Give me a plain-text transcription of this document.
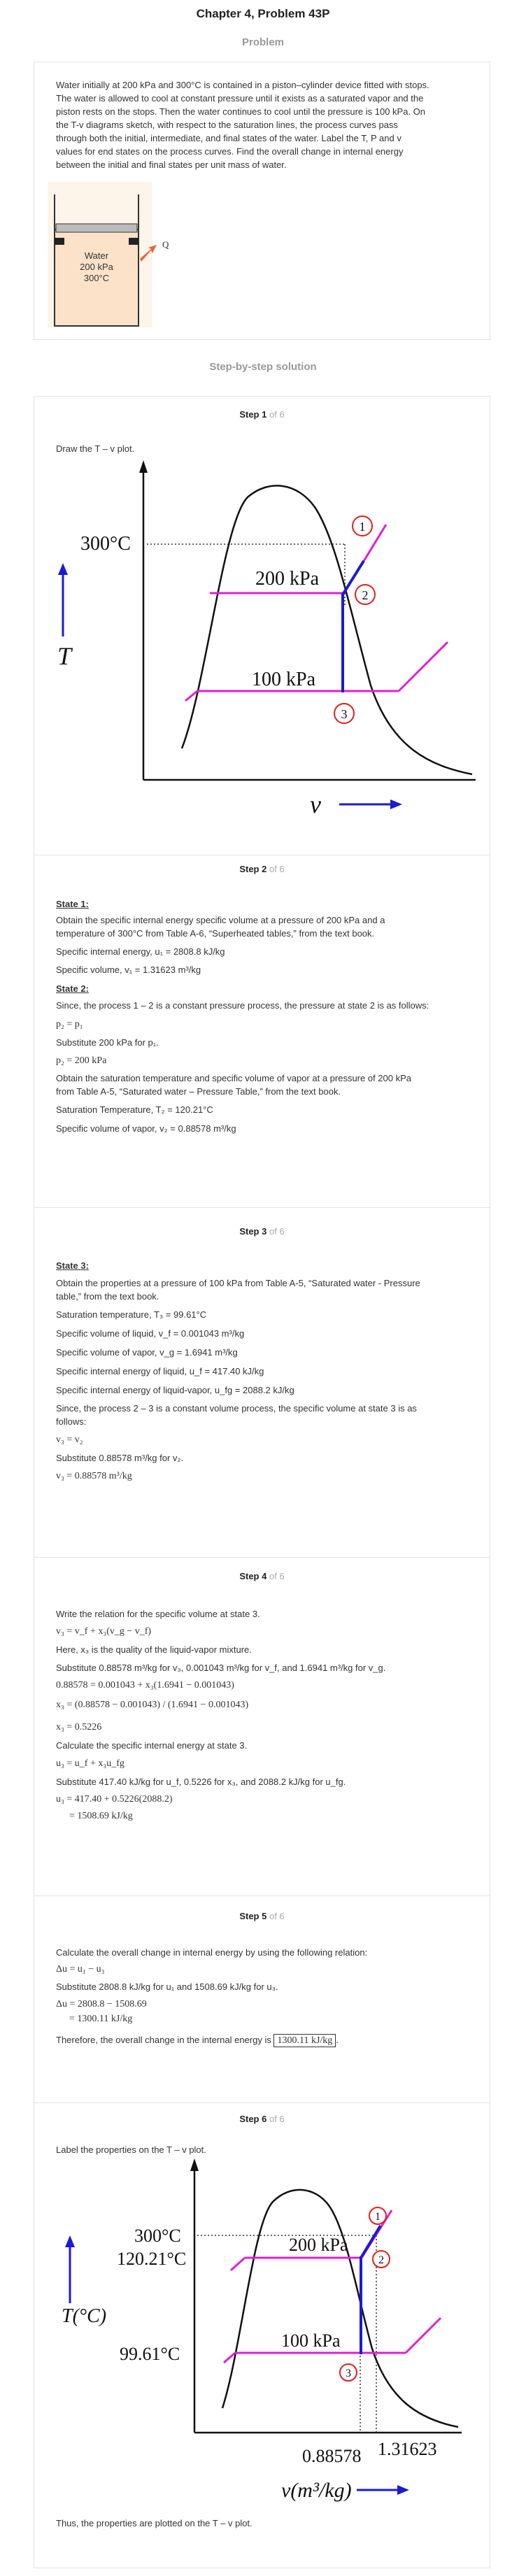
Chapter 4, Problem 43P
Problem
Water initially at 200 kPa and 300°C is contained in a piston–cylinder device fitted with stops.
The water is allowed to cool at constant pressure until it exists as a saturated vapor and the
piston rests on the stops. Then the water continues to cool until the pressure is 100 kPa. On
the T-v diagrams sketch, with respect to the saturation lines, the process curves pass
through both the initial, intermediate, and final states of the water. Label the T, P and v
values for end states on the process curves. Find the overall change in internal energy
between the initial and final states per unit mass of water.
Water
200 kPa
300°C
Q
Step-by-step solution
Step 1 of 6
Draw the T – v plot.
1
2
3
300°C
200 kPa
100 kPa
T
v
Step 2 of 6
State 1:
Obtain the specific internal energy specific volume at a pressure of 200 kPa and a
temperature of 300°C from Table A-6, “Superheated tables,” from the text book.
Specific internal energy, u₁ = 2808.8 kJ/kg
Specific volume, v₁ = 1.31623 m³/kg
State 2:
Since, the process 1 – 2 is a constant pressure process, the pressure at state 2 is as follows:
p₂ = p₁
Substitute 200 kPa for p₁.
p₂ = 200 kPa
Obtain the saturation temperature and specific volume of vapor at a pressure of 200 kPa
from Table A-5, “Saturated water – Pressure Table,” from the text book.
Saturation Temperature, T₂ = 120.21°C
Specific volume of vapor, v₂ = 0.88578 m³/kg
Step 3 of 6
State 3:
Obtain the properties at a pressure of 100 kPa from Table A-5, “Saturated water - Pressure
table,” from the text book.
Saturation temperature, T₃ = 99.61°C
Specific volume of liquid, v_f = 0.001043 m³/kg
Specific volume of vapor, v_g = 1.6941 m³/kg
Specific internal energy of liquid, u_f = 417.40 kJ/kg
Specific internal energy of liquid-vapor, u_fg = 2088.2 kJ/kg
Since, the process 2 – 3 is a constant volume process, the specific volume at state 3 is as
follows:
v₃ = v₂
Substitute 0.88578 m³/kg for v₂.
v₃ = 0.88578 m³/kg
Step 4 of 6
Write the relation for the specific volume at state 3.
v₃ = v_f + x₃(v_g − v_f)
Here, x₃ is the quality of the liquid-vapor mixture.
Substitute 0.88578 m³/kg for v₃, 0.001043 m³/kg for v_f, and 1.6941 m³/kg for v_g.
0.88578 = 0.001043 + x₃(1.6941 − 0.001043)
x₃ = (0.88578 − 0.001043) / (1.6941 − 0.001043)
x₃ = 0.5226
Calculate the specific internal energy at state 3.
u₃ = u_f + x₃u_fg
Substitute 417.40 kJ/kg for u_f, 0.5226 for x₃, and 2088.2 kJ/kg for u_fg.
u₃ = 417.40 + 0.5226(2088.2)
= 1508.69 kJ/kg
Step 5 of 6
Calculate the overall change in internal energy by using the following relation:
Δu = u₁ − u₃
Substitute 2808.8 kJ/kg for u₁ and 1508.69 kJ/kg for u₃.
Δu = 2808.8 − 1508.69
= 1300.11 kJ/kg
Therefore, the overall change in the internal energy is 1300.11 kJ/kg .
Step 6 of 6
Label the properties on the T – v plot.
1
2
3
300°C
120.21°C
99.61°C
200 kPa
100 kPa
T(°C)
0.88578 1.31623
v(m³/kg)
Thus, the properties are plotted on the T – v plot.
